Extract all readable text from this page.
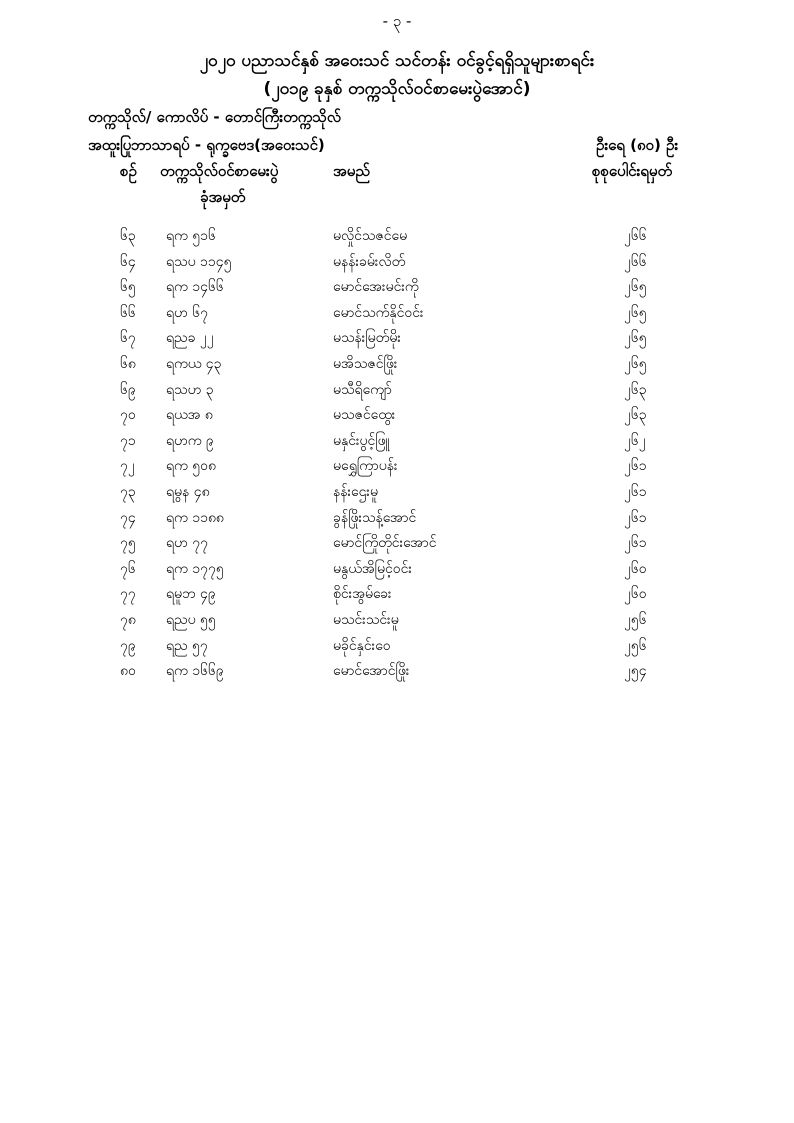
- ၃ -
၂၀၂၀ ပညာသင်နှစ် အဝေးသင် သင်တန်း ဝင်ခွင့်ရရှိသူများစာရင်း
(၂၀၁၉ ခုနှစ် တက္ကသိုလ်ဝင်စာမေးပွဲအောင်)
တက္ကသိုလ်/ ကောလိပ် - တောင်ကြီးတက္ကသိုလ်
အထူးပြုဘာသာရပ် - ရုက္ခဗေဒ(အဝေးသင်)	ဦးရေ (၈၀) ဦး
စဉ် တက္ကသိုလ်ဝင်စာမေးပွဲ
ခုံအမှတ်
အမည်	စုစုပေါင်းရမှတ်
၆၃ ရက ၅၁၆	မလှိုင်သဇင်မေ	၂၆၆
၆၄ ရသပ ၁၁၄၅	မနန်းခမ်းလိတ်	၂၆၆
၆၅ ရက ၁၄၆၆	မောင်အေးမင်းကို	၂၆၅
၆၆ ရဟ ၆၇	မောင်သက်နိုင်ဝင်း	၂၆၅
၆၇ ရညခ ၂၂	မသန်းမြတ်မိုး	၂၆၅
၆၈ ရကယ ၄၃	မအိသဇင်ဖြိုး	၂၆၅
၆၉ ရသဟ ၃	မသီရိကျော်	၂၆၃
၇၀ ရယအ ၈	မသဇင်ထွေး	၂၆၃
၇၁ ရဟက ၉	မနှင်းပွင့်ဖြူ	၂၆၂
၇၂ ရက ၅၀၈	မရွှေကြာပန်း	၂၆၁
၇၃ ရမွန ၄၈	နန်းဌေးမူ	၂၆၁
၇၄ ရက ၁၁၈၈	ခွန်ဖြိုးသန့်အောင်	၂၆၁
၇၅ ရဟ ၇၇	မောင်ကြိုတိုင်းအောင်	၂၆၁
၇၆ ရက ၁၇၇၅	မနွယ်အိမြင့်ဝင်း	၂၆၀
၇၇ ရမူဘ ၄၉	စိုင်းအွမ်ခေး	၂၆၀
၇၈ ရညပ ၅၅	မသင်းသင်းမူ	၂၅၆
၇၉ ရည ၅၇	မခိုင်နှင်းဝေ	၂၅၆
၈၀ ရက ၁၆၆၉	မောင်အောင်ဖြိုး	၂၅၄
